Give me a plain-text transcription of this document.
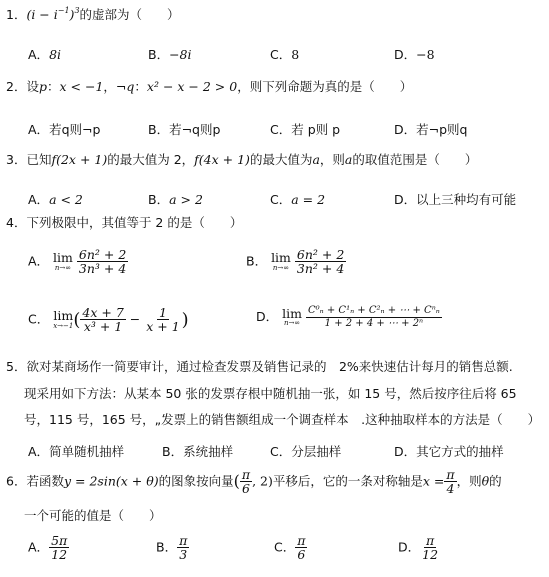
1．$(i - i^{-1})^3$的虚部为（　　）
A．8i	B．−8i	C．8	D．−8
2．设p：x < −1，¬q：x² − x − 2 > 0，则下列命题为真的是（　　）
A．若q则¬p	B．若¬q则p	C．若 p则 p	D．若¬p则q
3．已知f(2x + 1)的最大值为 2，f(4x + 1)的最大值为a，则a的取值范围是（　　）
A．a < 2	B．a > 2	C．a = 2	D．以上三种均有可能
4．下列极限中，其值等于 2 的是（　　）
A． lim
n→∞
$\frac{\text{6n² + 2}}{\text{3n³ + 4}}$	B． lim
n→∞
$\frac{\text{6n² + 2}}{\text{3n² + 4}}$
C． lim
x→−1 ( $\frac{4x + 7}{\text{x³ + 1}} - \frac{1}{x + 1}$ )	D． lim
n→∞
$\frac{\text{C⁰ₙ + C¹ₙ + C²ₙ + ⋯ + Cⁿₙ}}{\text{1 + 2 + 4 + ⋯ + 2ⁿ}}$
5．欲对某商场作一简要审计，通过检查发票及销售记录的　2%来快速估计每月的销售总额.
现采用如下方法：从某本 50 张的发票存根中随机抽一张，如 15 号，然后按序往后将 65
号，115 号，165 号，„发票上的销售额组成一个调查样本　.这种抽取样本的方法是（　　）
A．简单随机抽样	B．系统抽样	C．分层抽样	D．其它方式的抽样
6．若函数y = 2sin(x + θ)的图象按向量( $\frac{\pi}{6}$ , 2)平移后，它的一条对称轴是$x = \frac{\pi}{4}$ ，则θ的
一个可能的值是（　　）
A． $\frac{5\pi}{12}$	B． $\frac{\pi}{3}$	C． $\frac{\pi}{6}$	D． $\frac{\pi}{12}$
